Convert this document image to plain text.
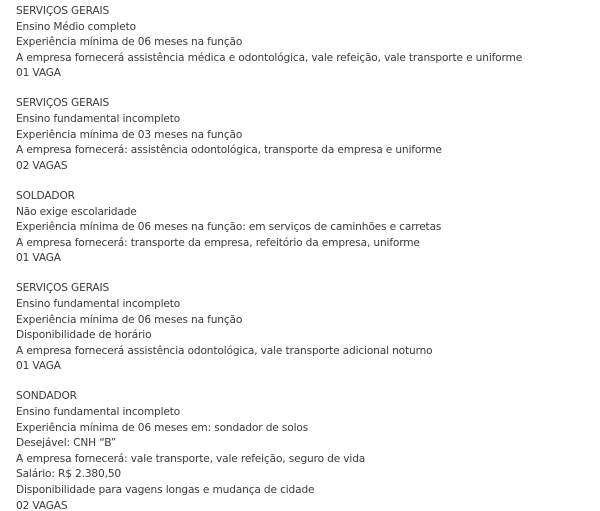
SERVIÇOS GERAIS
Ensino Médio completo
Experiência mínima de 06 meses na função
A empresa fornecerá assistência médica e odontológica, vale refeição, vale transporte e uniforme
01 VAGA
SERVIÇOS GERAIS
Ensino fundamental incompleto
Experiência mínima de 03 meses na função
A empresa fornecerá: assistência odontológica, transporte da empresa e uniforme
02 VAGAS
SOLDADOR
Não exige escolaridade
Experiência mínima de 06 meses na função: em serviços de caminhões e carretas
A empresa fornecerá: transporte da empresa, refeitório da empresa, uniforme
01 VAGA
SERVIÇOS GERAIS
Ensino fundamental incompleto
Experiência mínima de 06 meses na função
Disponibilidade de horário
A empresa fornecerá assistência odontológica, vale transporte adicional noturno
01 VAGA
SONDADOR
Ensino fundamental incompleto
Experiência mínima de 06 meses em: sondador de solos
Desejável: CNH “B”
A empresa fornecerá: vale transporte, vale refeição, seguro de vida
Salário: R$ 2.380,50
Disponibilidade para vagens longas e mudança de cidade
02 VAGAS
